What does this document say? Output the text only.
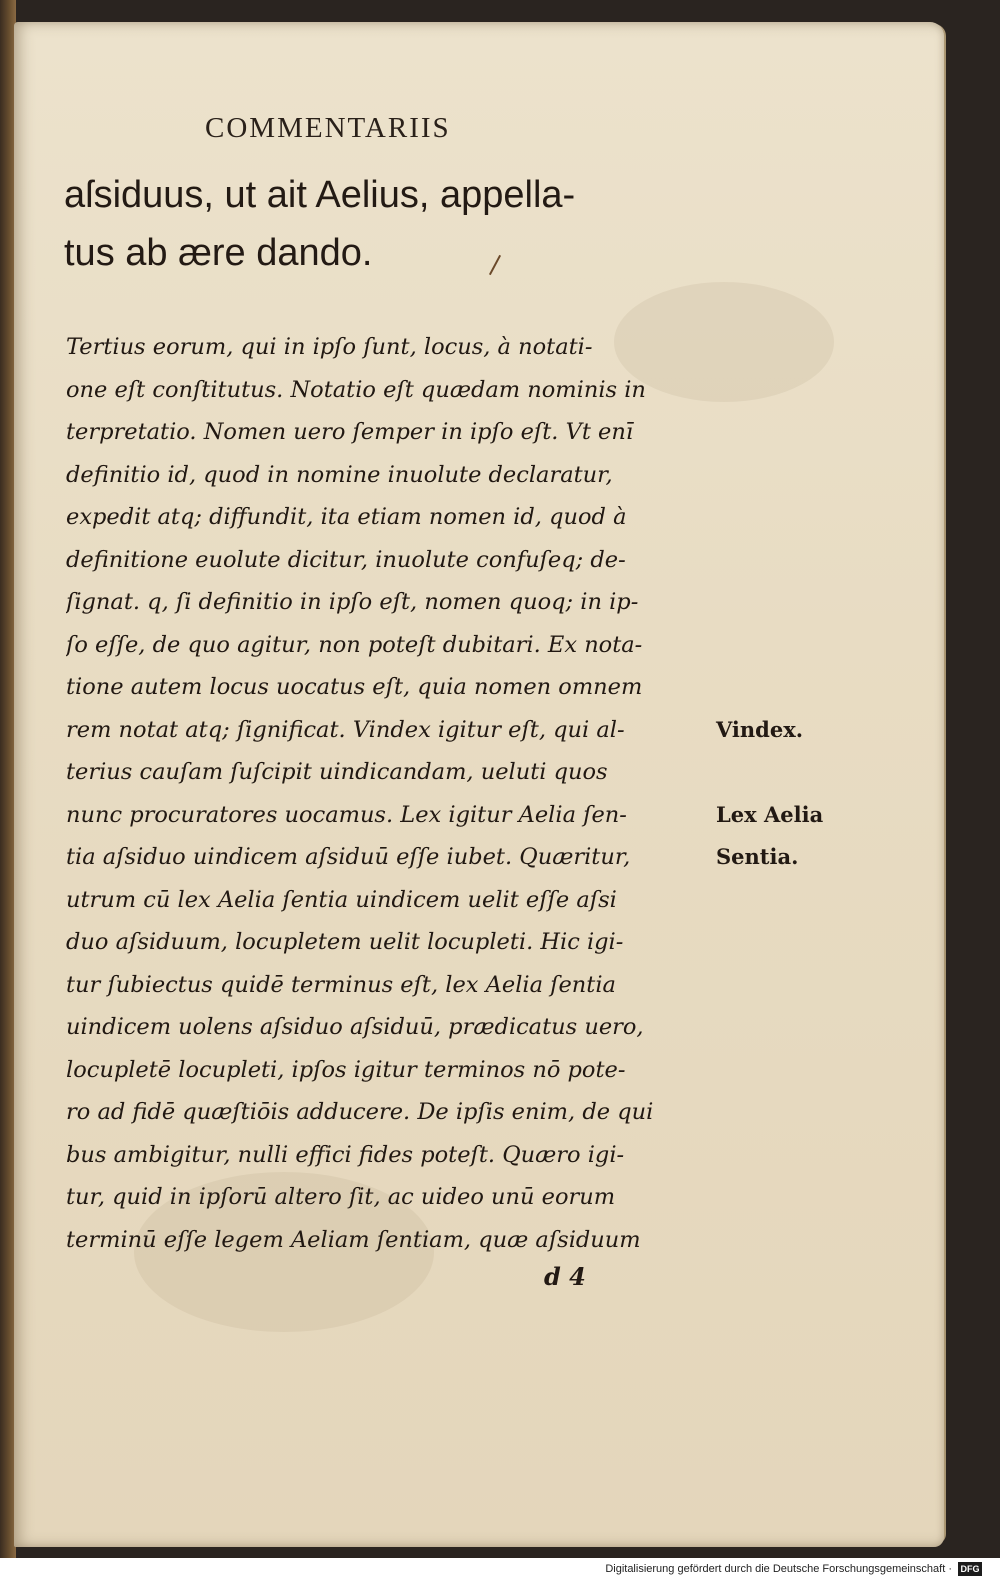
COMMENTARIIS
aſsiduus, ut ait Aelius, appella-
tus ab ære dando.
Tertius eorum, qui in ipſo ſunt, locus, à notati-
one eſt conſtitutus. Notatio eſt quædam nominis in
terpretatio. Nomen uero ſemper in ipſo eſt. Vt enī
definitio id, quod in nomine inuolute declaratur,
expedit atq; diffundit, ita etiam nomen id, quod à
definitione euolute dicitur, inuolute confuſeq; de-
ſignat. q, ſi definitio in ipſo eſt, nomen quoq; in ip-
ſo eſſe, de quo agitur, non poteſt dubitari. Ex nota-
tione autem locus uocatus eſt, quia nomen omnem
rem notat atq; ſignificat. Vindex igitur eſt, qui al-
terius cauſam ſuſcipit uindicandam, ueluti quos
nunc procuratores uocamus. Lex igitur Aelia ſen-
tia aſsiduo uindicem aſsiduū eſſe iubet. Quæritur,
utrum cū lex Aelia ſentia uindicem uelit eſſe aſsi
duo aſsiduum, locupletem uelit locupleti. Hic igi-
tur ſubiectus quidē terminus eſt, lex Aelia ſentia
uindicem uolens aſsiduo aſsiduū, prædicatus uero,
locupletē locupleti, ipſos igitur terminos nō pote-
ro ad fidē quæſtiōis adducere. De ipſis enim, de qui
bus ambigitur, nulli effici fides poteſt. Quæro igi-
tur, quid in ipſorū altero ſit, ac uideo unū eorum
terminū eſſe legem Aeliam ſentiam, quæ aſsiduum
Vindex.
Lex Aelia
Sentia.
d 4
Digitalisierung gefördert durch die Deutsche Forschungsgemeinschaft · DFG
